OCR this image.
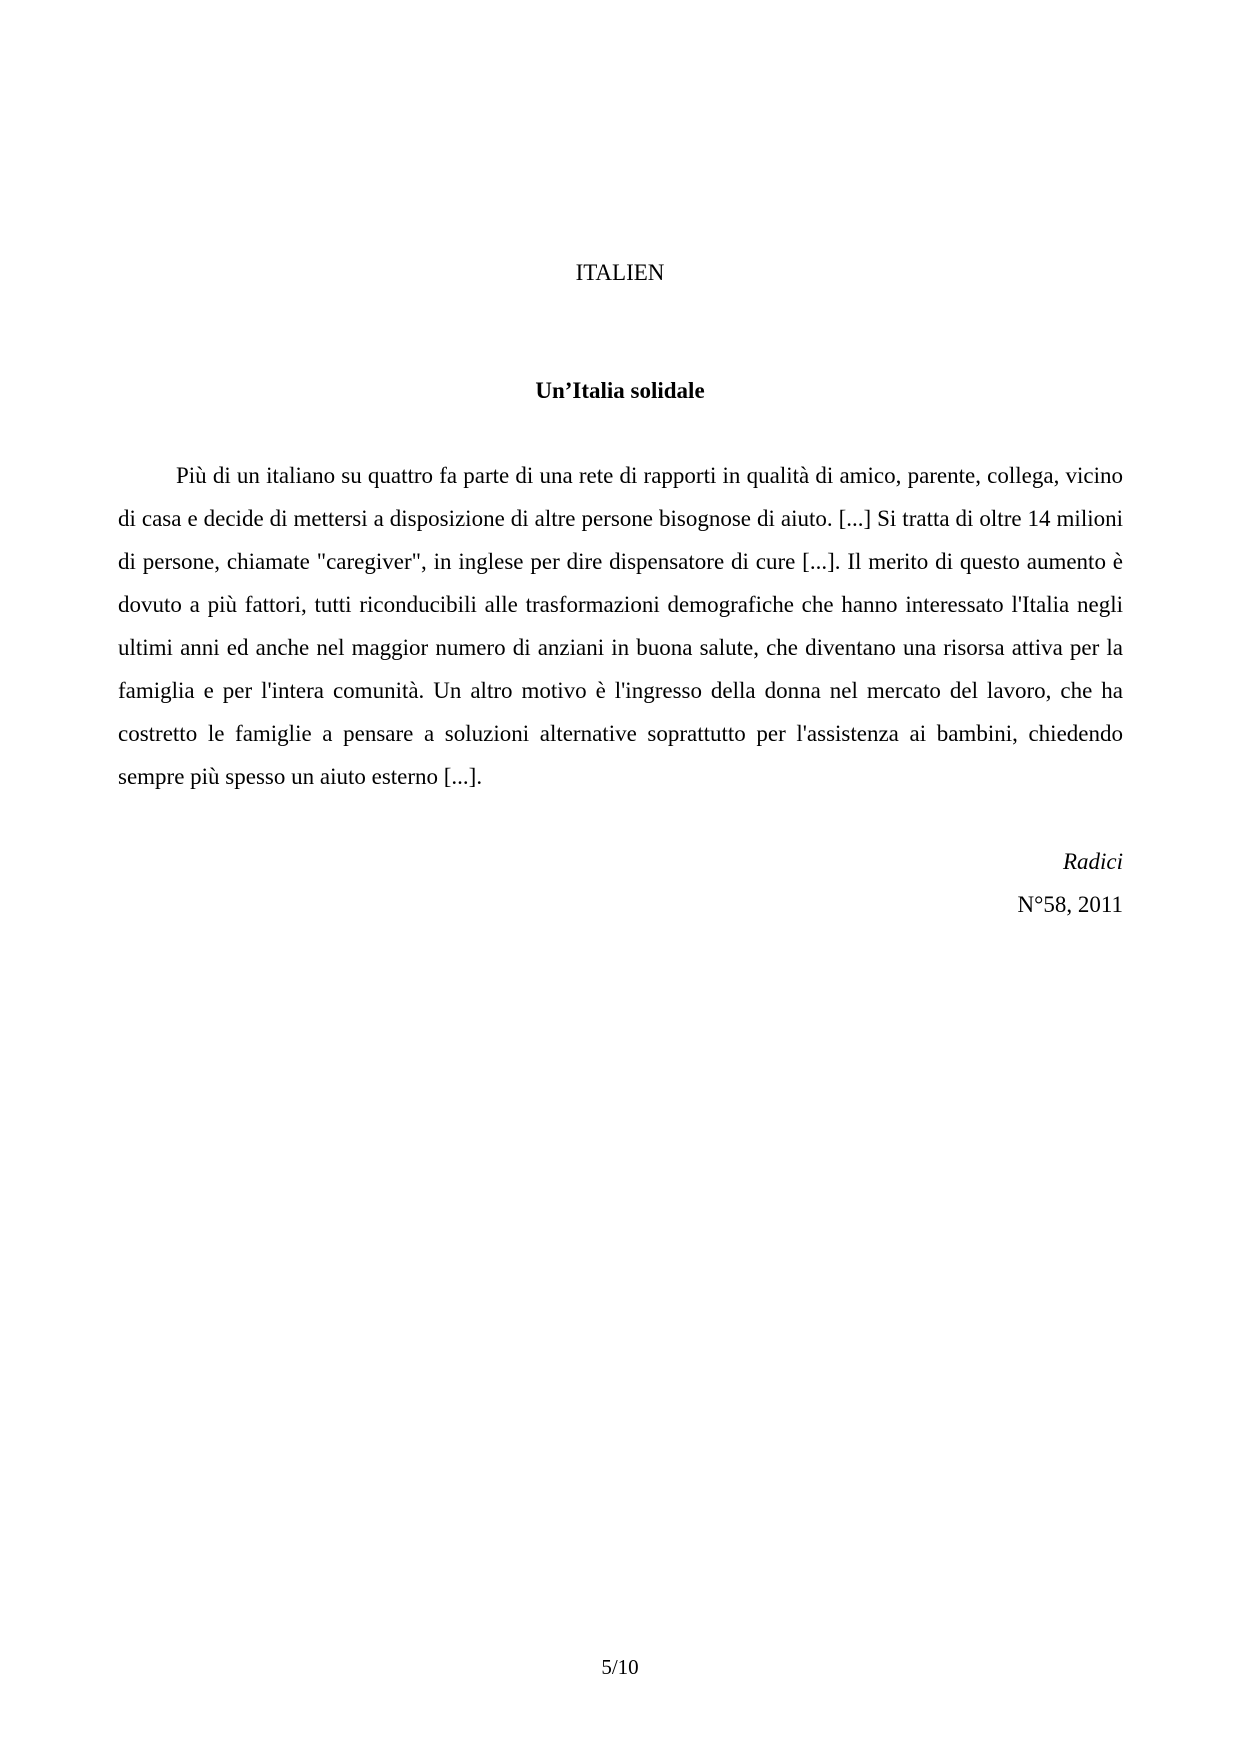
ITALIEN
Un’Italia solidale

Più di un italiano su quattro fa parte di una rete di rapporti in qualità di amico, parente, collega, vicino di casa e decide di mettersi a disposizione di altre persone bisognose di aiuto. [...] Si tratta di oltre 14 milioni di persone, chiamate "caregiver", in inglese per dire dispensatore di cure [...]. Il merito di questo aumento è dovuto a più fattori, tutti riconducibili alle trasformazioni demografiche che hanno interessato l'Italia negli ultimi anni ed anche nel maggior numero di anziani in buona salute, che diventano una risorsa attiva per la famiglia e per l'intera comunità. Un altro motivo è l'ingresso della donna nel mercato del lavoro, che ha costretto le famiglie a pensare a soluzioni alternative soprattutto per l'assistenza ai bambini, chiedendo sempre più spesso un aiuto esterno [...].

Radici
N°58, 2011
5/10
